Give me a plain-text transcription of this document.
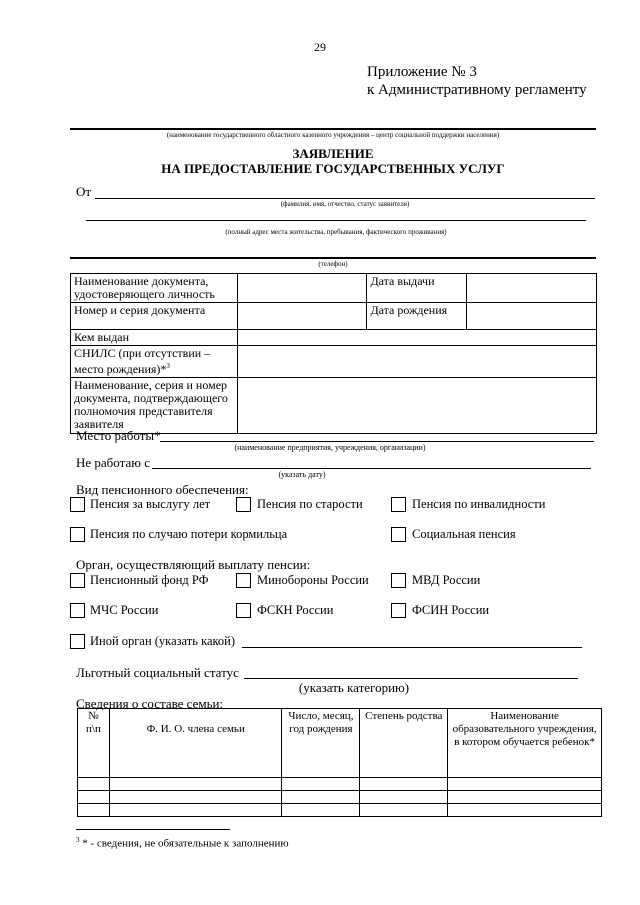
29
Приложение № 3
к Административному регламенту
(наименование государственного областного казенного учреждения – центр социальной поддержки населения)
ЗАЯВЛЕНИЕ
НА ПРЕДОСТАВЛЕНИЕ ГОСУДАРСТВЕННЫХ УСЛУГ
От
(фамилия, имя, отчество, статус заявителя)
(полный адрес места жительства, пребывания, фактического проживания)
(телефон)
Наименование документа, удостоверяющего личность		Дата выдачи	
Номер и серия документа		Дата рождения	
Кем выдан			
СНИЛС (при отсутствии – место рождения)*$^3$	
Наименование, серия и номер документа, подтверждающего полномочия представителя заявителя			
Место работы*
(наименование предприятия, учреждения, организации)
Не работаю с
(указать дату)
Вид пенсионного обеспечения:
Пенсия за выслугу лет	Пенсия по старости	Пенсия по инвалидности
Пенсия по случаю потери кормильца	Социальная пенсия
Орган, осуществляющий выплату пенсии:
Пенсионный фонд РФ	Минобороны России	МВД России
МЧС России	ФСКН России	ФСИН России
Иной орган (указать какой)
Льготный социальный статус
(указать категорию)
Сведения о составе семьи:
№ п\п	Ф. И. О. члена семьи	Число, месяц, год рождения	Степень родства	Наименование образовательного учреждения, в котором обучается ребенок*

$^3$ * - сведения, не обязательные к заполнению
